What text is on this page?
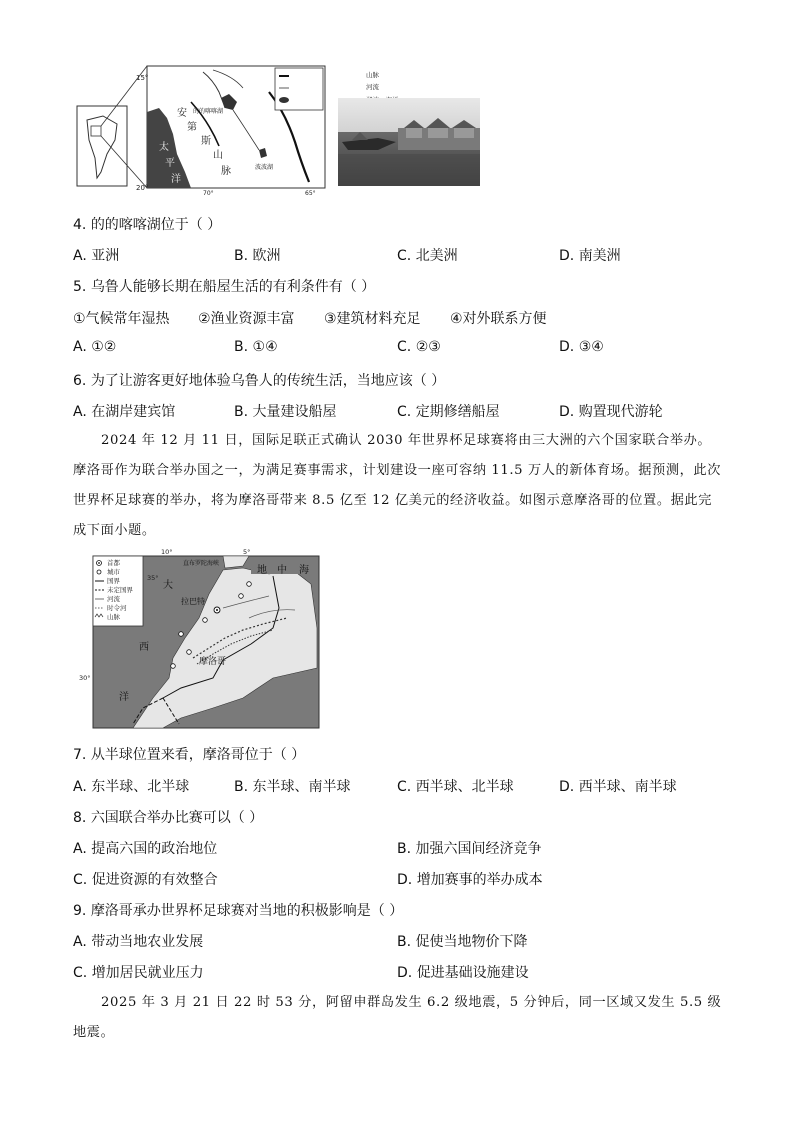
15°
20°
70°	65°
的的喀喀湖
波波湖
安
第
斯
山
脉
太
平
洋
山脉
河流
4. 的的喀喀湖位于（ ）
A. 亚洲	B. 欧洲	C. 北美洲	D. 南美洲
5. 乌鲁人能够长期在船屋生活的有利条件有（ ）
①气候常年湿热 ②渔业资源丰富 ③建筑材料充足 ④对外联系方便
A. ①②	B. ①④	C. ②③	D. ③④
6. 为了让游客更好地体验乌鲁人的传统生活，当地应该（ ）
A. 在湖岸建宾馆	B. 大量建设船屋	C. 定期修缮船屋	D. 购置现代游轮
2024 年 12 月 11 日，国际足联正式确认 2030 年世界杯足球赛将由三大洲的六个国家联合举办。摩洛哥作为联合举办国之一，为满足赛事需求，计划建设一座可容纳 11.5 万人的新体育场。据预测，此次世界杯足球赛的举办，将为摩洛哥带来 8.5 亿至 12 亿美元的经济收益。如图示意摩洛哥的位置。据此完成下面小题。
10°	5°
35°
30°
直布罗陀海峡
地 中 海
大
西
洋
拉巴特
摩洛哥
首都
城市
国界
未定国界
河流
时令河
山脉
7. 从半球位置来看，摩洛哥位于（ ）
A. 东半球、北半球	B. 东半球、南半球	C. 西半球、北半球	D. 西半球、南半球
8. 六国联合举办比赛可以（ ）
A. 提高六国的政治地位	B. 加强六国间经济竞争
C. 促进资源的有效整合	D. 增加赛事的举办成本
9. 摩洛哥承办世界杯足球赛对当地的积极影响是（ ）
A. 带动当地农业发展	B. 促使当地物价下降
C. 增加居民就业压力	D. 促进基础设施建设
2025 年 3 月 21 日 22 时 53 分，阿留申群岛发生 6.2 级地震，5 分钟后，同一区域又发生 5.5 级地震。
